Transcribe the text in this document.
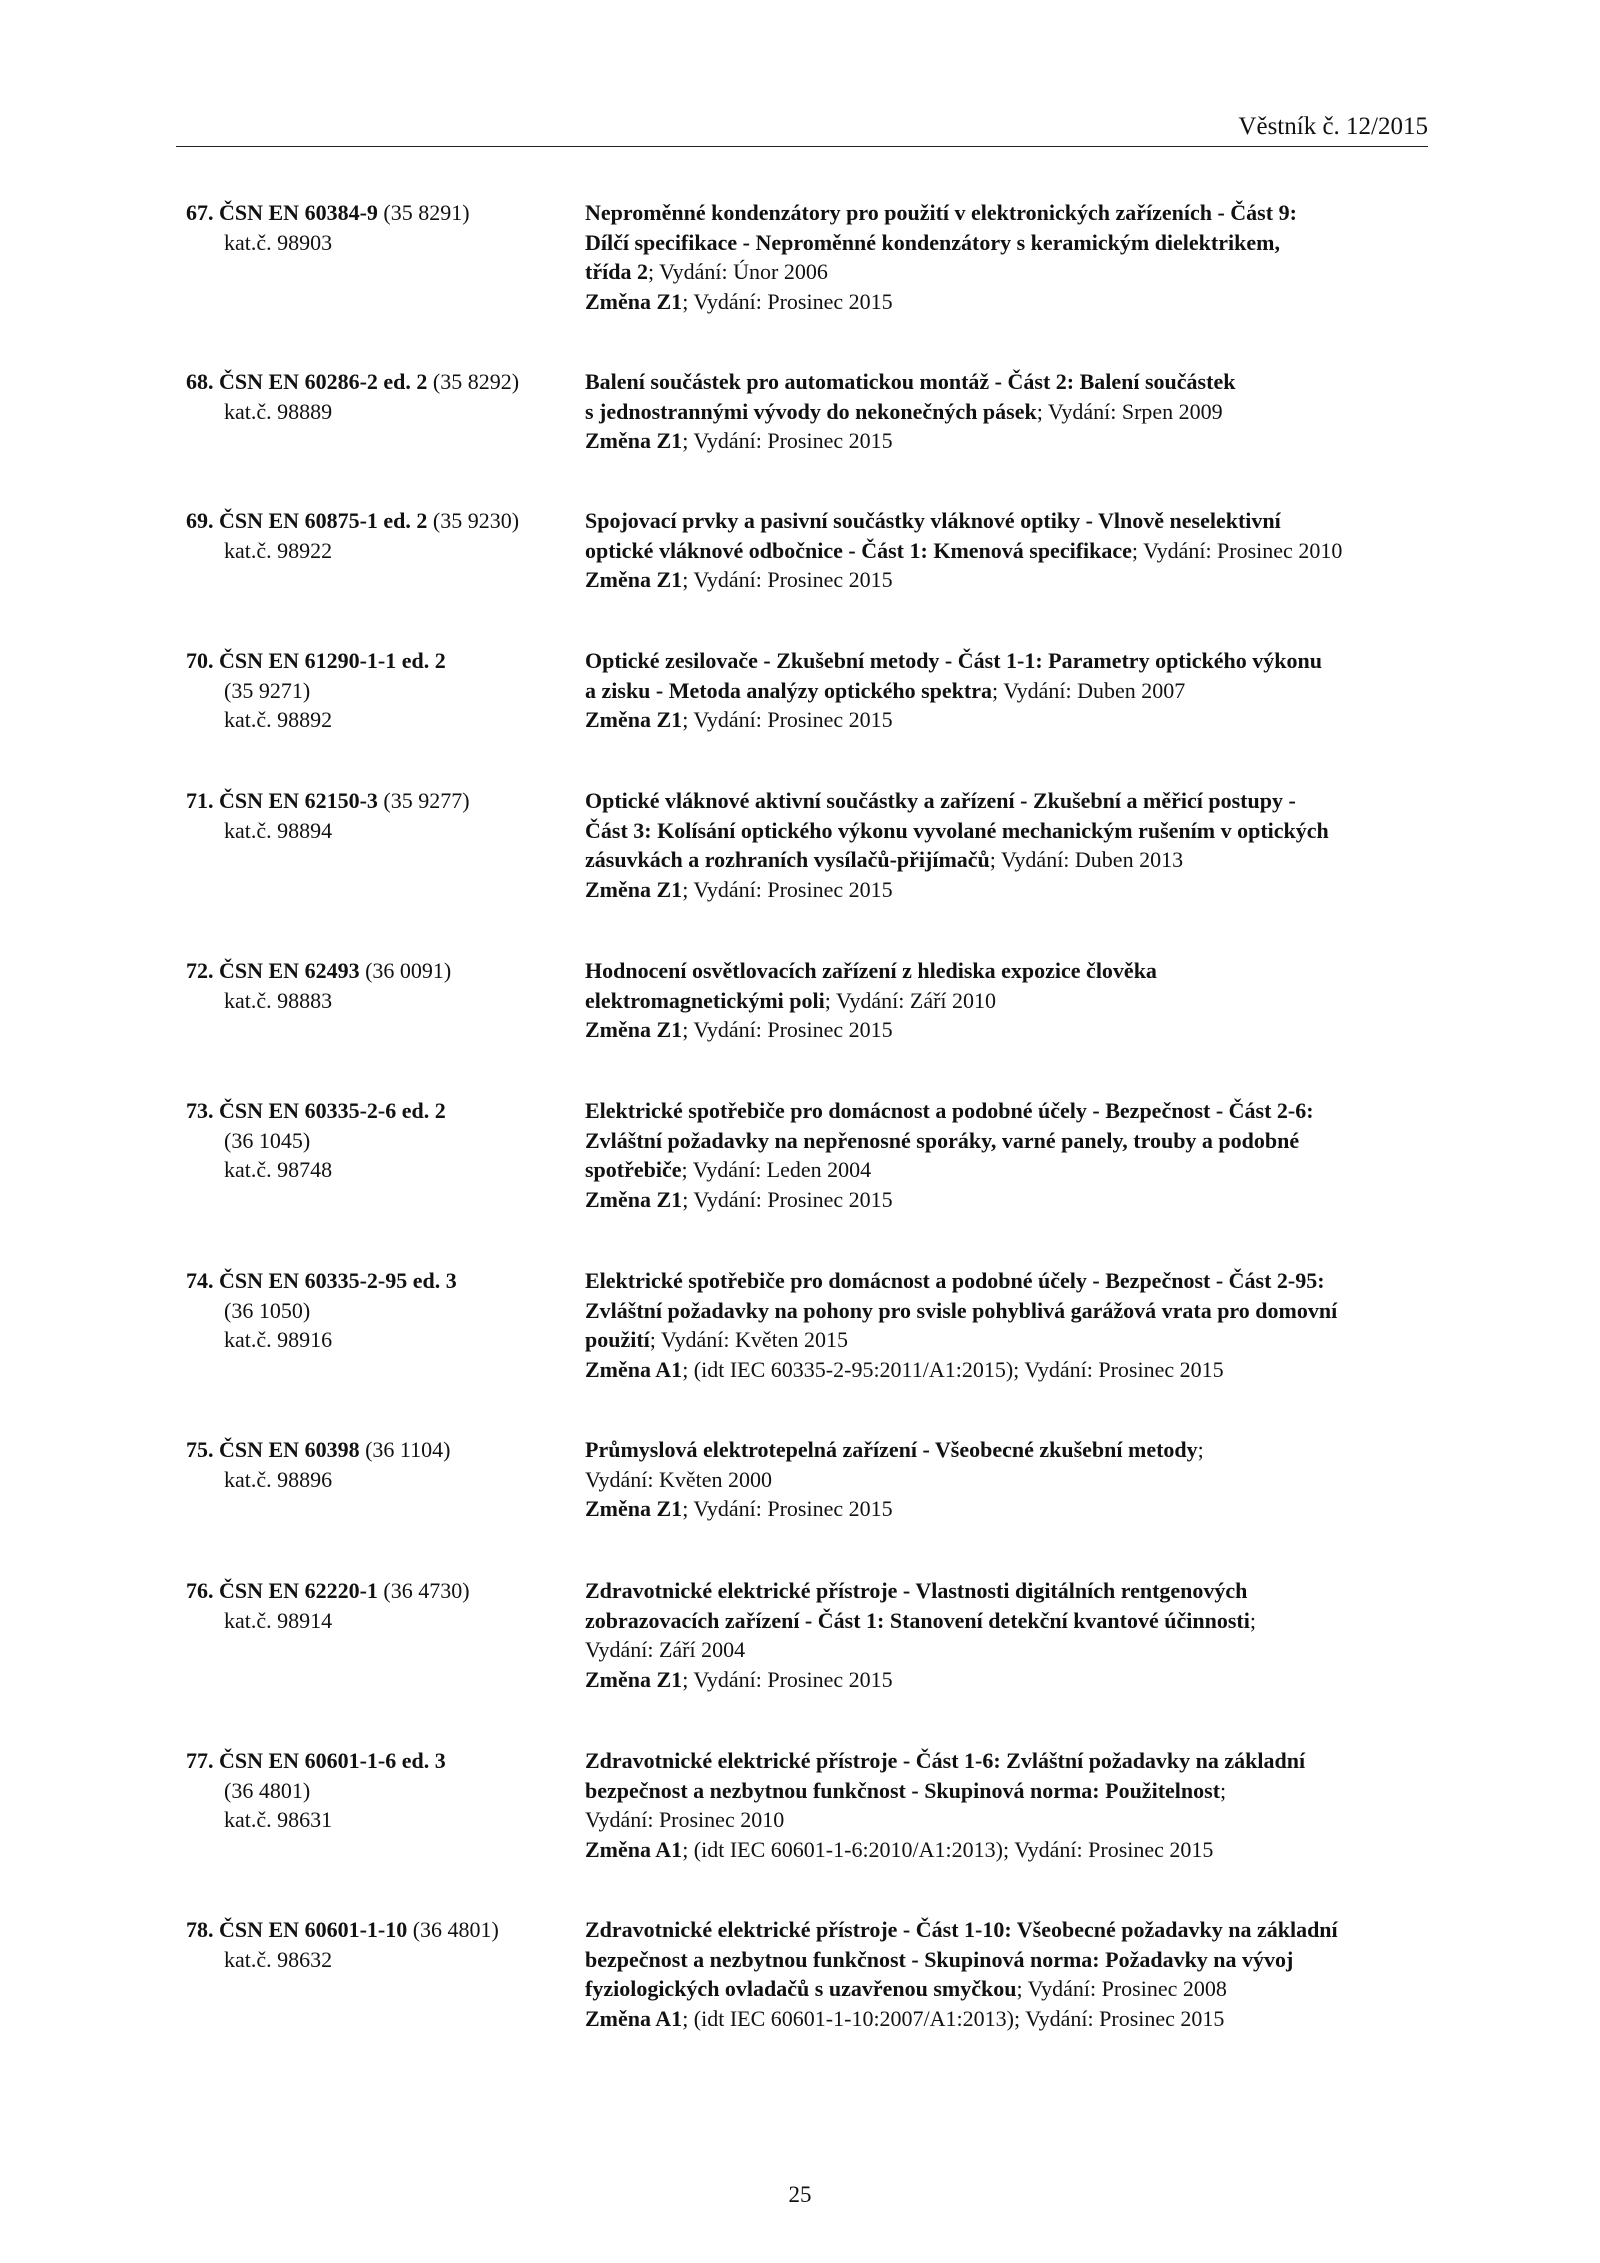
Věstník č. 12/2015
67. ČSN EN 60384-9 (35 8291)
kat.č. 98903
Neproměnné kondenzátory pro použití v elektronických zařízeních - Část 9:
Dílčí specifikace - Neproměnné kondenzátory s keramickým dielektrikem,
třída 2; Vydání: Únor 2006
Změna Z1; Vydání: Prosinec 2015
68. ČSN EN 60286-2 ed. 2 (35 8292)
kat.č. 98889
Balení součástek pro automatickou montáž - Část 2: Balení součástek
s jednostrannými vývody do nekonečných pásek; Vydání: Srpen 2009
Změna Z1; Vydání: Prosinec 2015
69. ČSN EN 60875-1 ed. 2 (35 9230)
kat.č. 98922
Spojovací prvky a pasivní součástky vláknové optiky - Vlnově neselektivní
optické vláknové odbočnice - Část 1: Kmenová specifikace; Vydání: Prosinec 2010
Změna Z1; Vydání: Prosinec 2015
70. ČSN EN 61290-1-1 ed. 2
(35 9271)
kat.č. 98892
Optické zesilovače - Zkušební metody - Část 1-1: Parametry optického výkonu
a zisku - Metoda analýzy optického spektra; Vydání: Duben 2007
Změna Z1; Vydání: Prosinec 2015
71. ČSN EN 62150-3 (35 9277)
kat.č. 98894
Optické vláknové aktivní součástky a zařízení - Zkušební a měřicí postupy -
Část 3: Kolísání optického výkonu vyvolané mechanickým rušením v optických
zásuvkách a rozhraních vysílačů-přijímačů; Vydání: Duben 2013
Změna Z1; Vydání: Prosinec 2015
72. ČSN EN 62493 (36 0091)
kat.č. 98883
Hodnocení osvětlovacích zařízení z hlediska expozice člověka
elektromagnetickými poli; Vydání: Září 2010
Změna Z1; Vydání: Prosinec 2015
73. ČSN EN 60335-2-6 ed. 2
(36 1045)
kat.č. 98748
Elektrické spotřebiče pro domácnost a podobné účely - Bezpečnost - Část 2-6:
Zvláštní požadavky na nepřenosné sporáky, varné panely, trouby a podobné
spotřebiče; Vydání: Leden 2004
Změna Z1; Vydání: Prosinec 2015
74. ČSN EN 60335-2-95 ed. 3
(36 1050)
kat.č. 98916
Elektrické spotřebiče pro domácnost a podobné účely - Bezpečnost - Část 2-95:
Zvláštní požadavky na pohony pro svisle pohyblivá garážová vrata pro domovní
použití; Vydání: Květen 2015
Změna A1; (idt IEC 60335-2-95:2011/A1:2015); Vydání: Prosinec 2015
75. ČSN EN 60398 (36 1104)
kat.č. 98896
Průmyslová elektrotepelná zařízení - Všeobecné zkušební metody;
Vydání: Květen 2000
Změna Z1; Vydání: Prosinec 2015
76. ČSN EN 62220-1 (36 4730)
kat.č. 98914
Zdravotnické elektrické přístroje - Vlastnosti digitálních rentgenových
zobrazovacích zařízení - Část 1: Stanovení detekční kvantové účinnosti;
Vydání: Září 2004
Změna Z1; Vydání: Prosinec 2015
77. ČSN EN 60601-1-6 ed. 3
(36 4801)
kat.č. 98631
Zdravotnické elektrické přístroje - Část 1-6: Zvláštní požadavky na základní
bezpečnost a nezbytnou funkčnost - Skupinová norma: Použitelnost;
Vydání: Prosinec 2010
Změna A1; (idt IEC 60601-1-6:2010/A1:2013); Vydání: Prosinec 2015
78. ČSN EN 60601-1-10 (36 4801)
kat.č. 98632
Zdravotnické elektrické přístroje - Část 1-10: Všeobecné požadavky na základní
bezpečnost a nezbytnou funkčnost - Skupinová norma: Požadavky na vývoj
fyziologických ovladačů s uzavřenou smyčkou; Vydání: Prosinec 2008
Změna A1; (idt IEC 60601-1-10:2007/A1:2013); Vydání: Prosinec 2015
25
